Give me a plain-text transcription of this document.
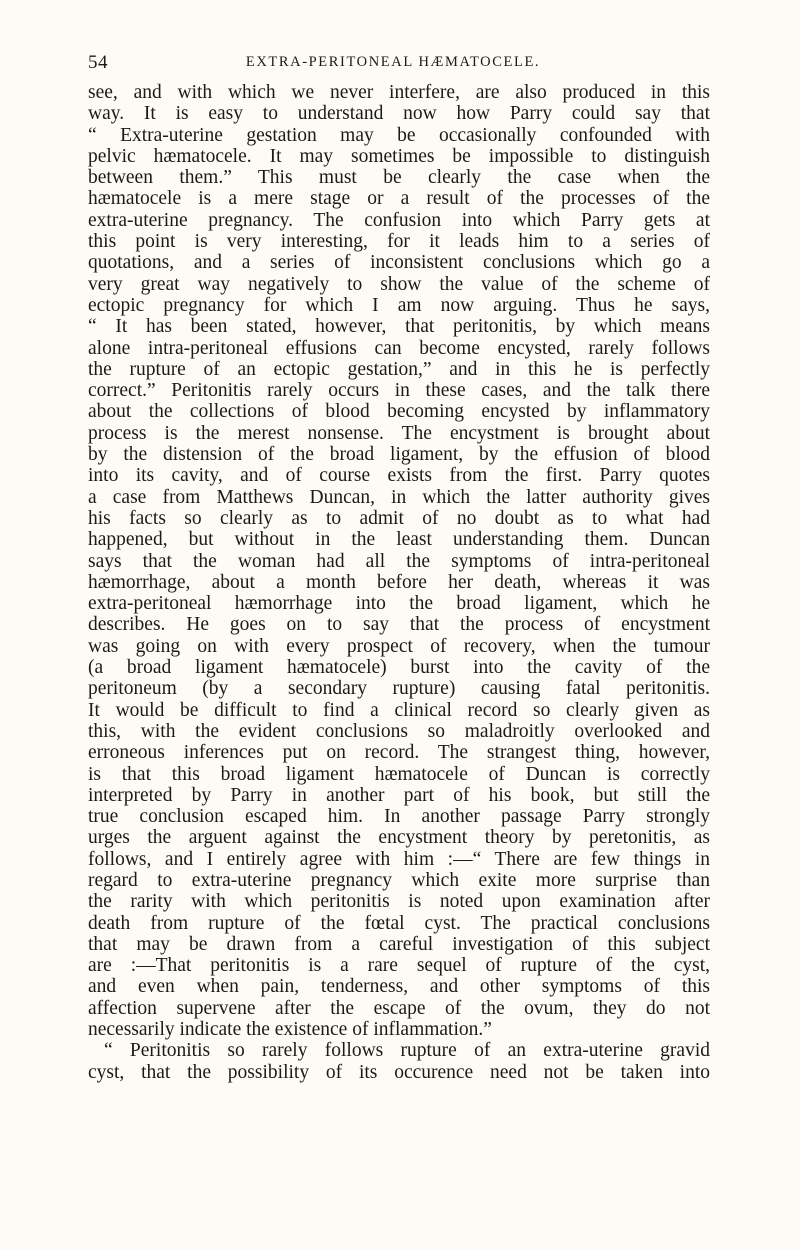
54	EXTRA-PERITONEAL HÆMATOCELE.
see, and with which we never interfere, are also produced in this
way. It is easy to understand now how Parry could say that
“ Extra-uterine gestation may be occasionally confounded with
pelvic hæmatocele. It may sometimes be impossible to distinguish
between them.” This must be clearly the case when the
hæmatocele is a mere stage or a result of the processes of the
extra-uterine pregnancy. The confusion into which Parry gets at
this point is very interesting, for it leads him to a series of
quotations, and a series of inconsistent conclusions which go a
very great way negatively to show the value of the scheme of
ectopic pregnancy for which I am now arguing. Thus he says,
“ It has been stated, however, that peritonitis, by which means
alone intra-peritoneal effusions can become encysted, rarely follows
the rupture of an ectopic gestation,” and in this he is perfectly
correct.” Peritonitis rarely occurs in these cases, and the talk there
about the collections of blood becoming encysted by inflammatory
process is the merest nonsense. The encystment is brought about
by the distension of the broad ligament, by the effusion of blood
into its cavity, and of course exists from the first. Parry quotes
a case from Matthews Duncan, in which the latter authority gives
his facts so clearly as to admit of no doubt as to what had
happened, but without in the least understanding them. Duncan
says that the woman had all the symptoms of intra-peritoneal
hæmorrhage, about a month before her death, whereas it was
extra-peritoneal hæmorrhage into the broad ligament, which he
describes. He goes on to say that the process of encystment
was going on with every prospect of recovery, when the tumour
(a broad ligament hæmatocele) burst into the cavity of the
peritoneum (by a secondary rupture) causing fatal peritonitis.
It would be difficult to find a clinical record so clearly given as
this, with the evident conclusions so maladroitly overlooked and
erroneous inferences put on record. The strangest thing, however,
is that this broad ligament hæmatocele of Duncan is correctly
interpreted by Parry in another part of his book, but still the
true conclusion escaped him. In another passage Parry strongly
urges the arguent against the encystment theory by peretonitis, as
follows, and I entirely agree with him :—“ There are few things in
regard to extra-uterine pregnancy which exite more surprise than
the rarity with which peritonitis is noted upon examination after
death from rupture of the fœtal cyst. The practical conclusions
that may be drawn from a careful investigation of this subject
are :—That peritonitis is a rare sequel of rupture of the cyst,
and even when pain, tenderness, and other symptoms of this
affection supervene after the escape of the ovum, they do not
necessarily indicate the existence of inflammation.”
“ Peritonitis so rarely follows rupture of an extra-uterine gravid
cyst, that the possibility of its occurence need not be taken into
